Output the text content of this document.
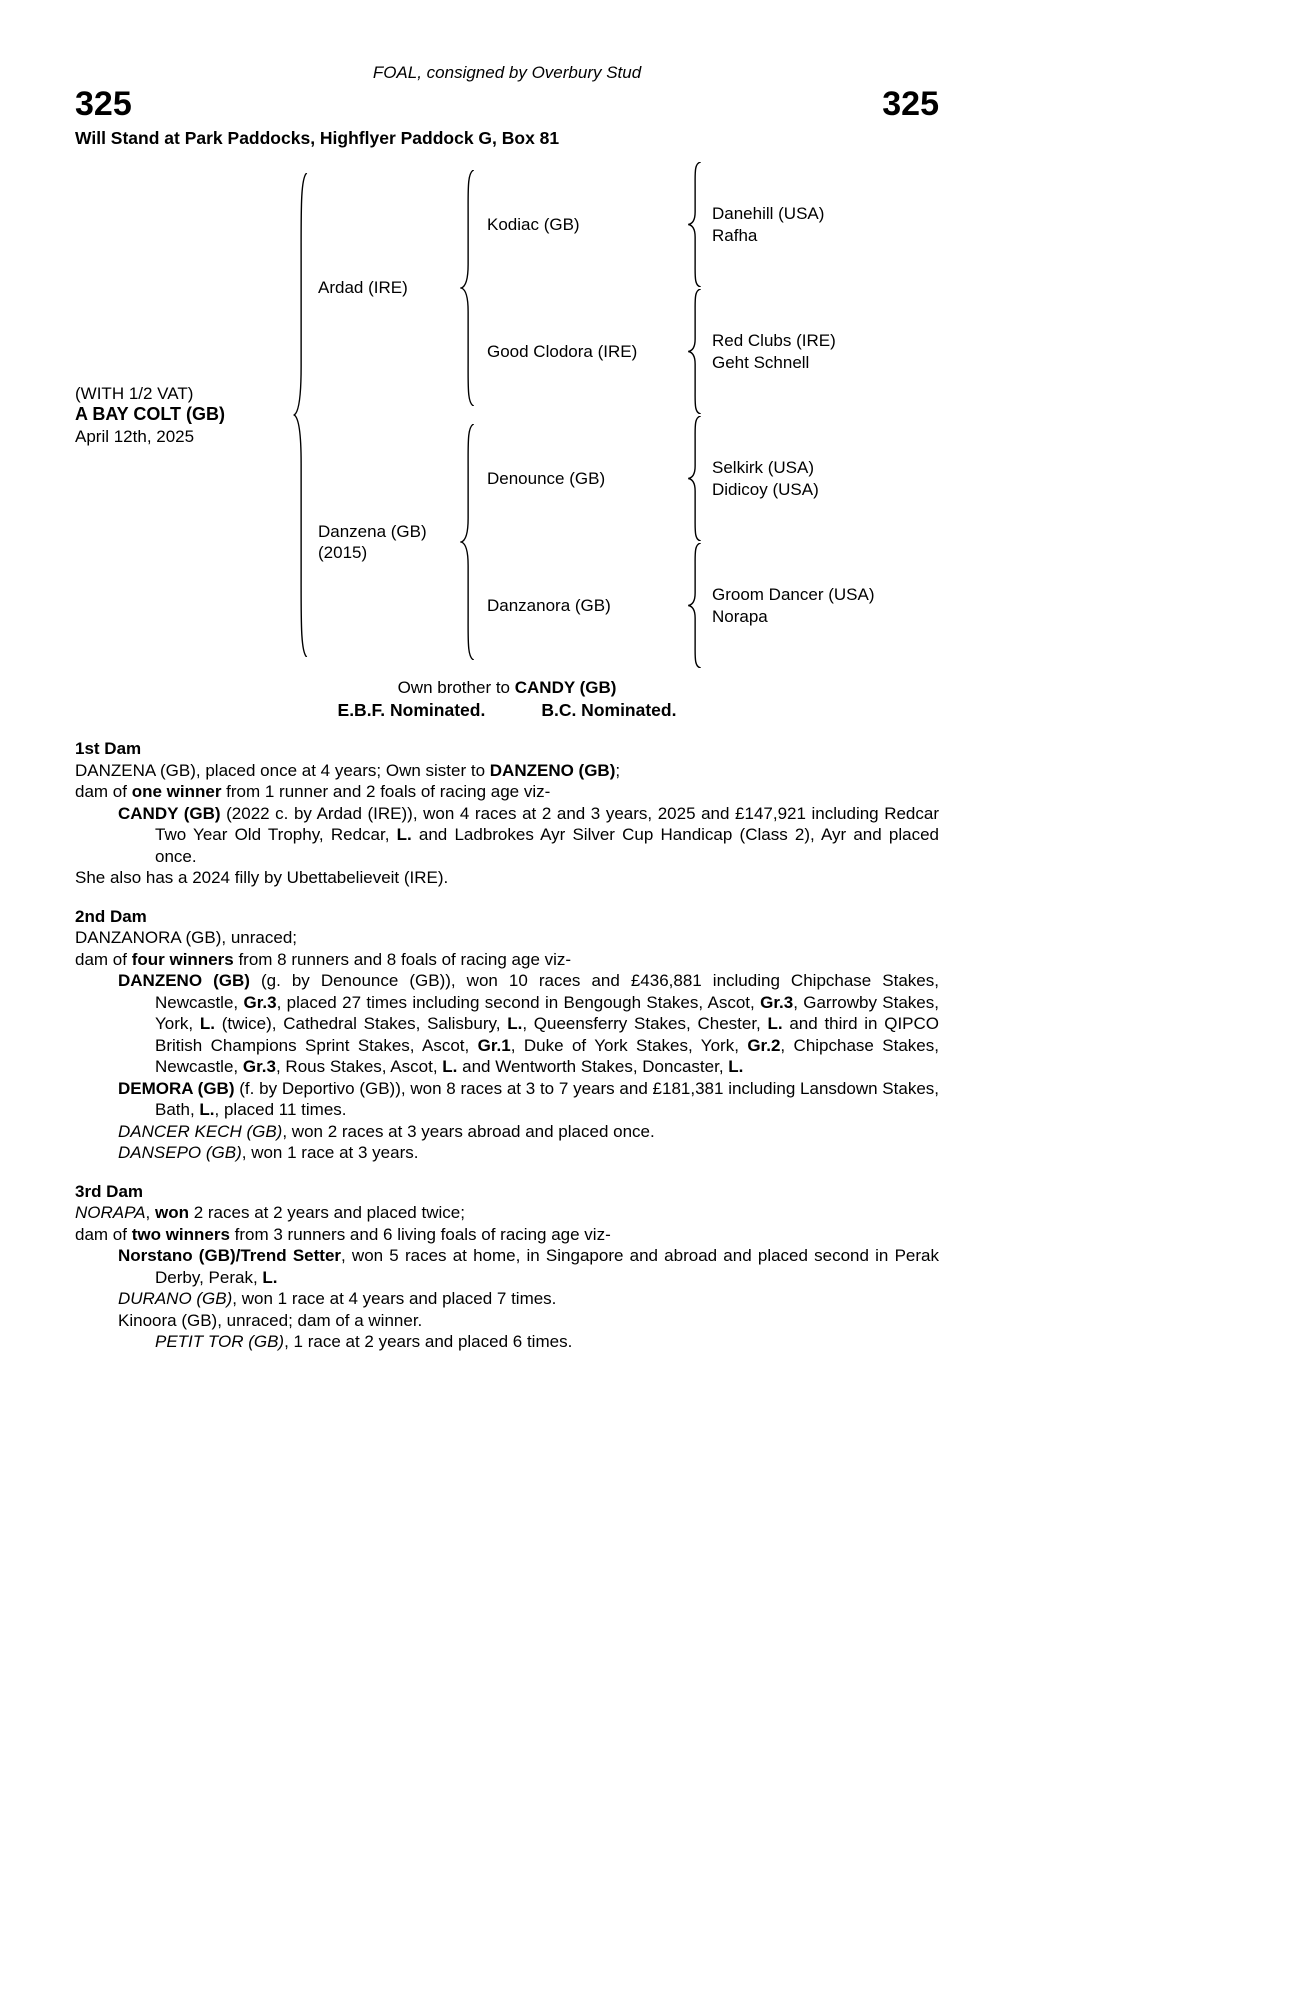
FOAL, consigned by Overbury Stud
325	325
Will Stand at Park Paddocks, Highflyer Paddock G, Box 81
(WITH 1/2 VAT)
A BAY COLT (GB)
April 12th, 2025
Ardad (IRE)
Kodiac (GB)
Danehill (USA)
Rafha
Good Clodora (IRE)
Red Clubs (IRE)
Geht Schnell
Danzena (GB)
(2015)
Denounce (GB)
Selkirk (USA)
Didicoy (USA)
Danzanora (GB)
Groom Dancer (USA)
Norapa
Own brother to CANDY (GB)
E.B.F. Nominated.	B.C. Nominated.
1st Dam
DANZENA (GB), placed once at 4 years; Own sister to DANZENO (GB);
dam of one winner from 1 runner and 2 foals of racing age viz-
CANDY (GB) (2022 c. by Ardad (IRE)), won 4 races at 2 and 3 years, 2025 and £147,921 including Redcar Two Year Old Trophy, Redcar, L. and Ladbrokes Ayr Silver Cup Handicap (Class 2), Ayr and placed once.
She also has a 2024 filly by Ubettabelieveit (IRE).
2nd Dam
DANZANORA (GB), unraced;
dam of four winners from 8 runners and 8 foals of racing age viz-
DANZENO (GB) (g. by Denounce (GB)), won 10 races and £436,881 including Chipchase Stakes, Newcastle, Gr.3, placed 27 times including second in Bengough Stakes, Ascot, Gr.3, Garrowby Stakes, York, L. (twice), Cathedral Stakes, Salisbury, L., Queensferry Stakes, Chester, L. and third in QIPCO British Champions Sprint Stakes, Ascot, Gr.1, Duke of York Stakes, York, Gr.2, Chipchase Stakes, Newcastle, Gr.3, Rous Stakes, Ascot, L. and Wentworth Stakes, Doncaster, L.
DEMORA (GB) (f. by Deportivo (GB)), won 8 races at 3 to 7 years and £181,381 including Lansdown Stakes, Bath, L., placed 11 times.
DANCER KECH (GB), won 2 races at 3 years abroad and placed once.
DANSEPO (GB), won 1 race at 3 years.
3rd Dam
NORAPA, won 2 races at 2 years and placed twice;
dam of two winners from 3 runners and 6 living foals of racing age viz-
Norstano (GB)/Trend Setter, won 5 races at home, in Singapore and abroad and placed second in Perak Derby, Perak, L.
DURANO (GB), won 1 race at 4 years and placed 7 times.
Kinoora (GB), unraced; dam of a winner.
PETIT TOR (GB), 1 race at 2 years and placed 6 times.
